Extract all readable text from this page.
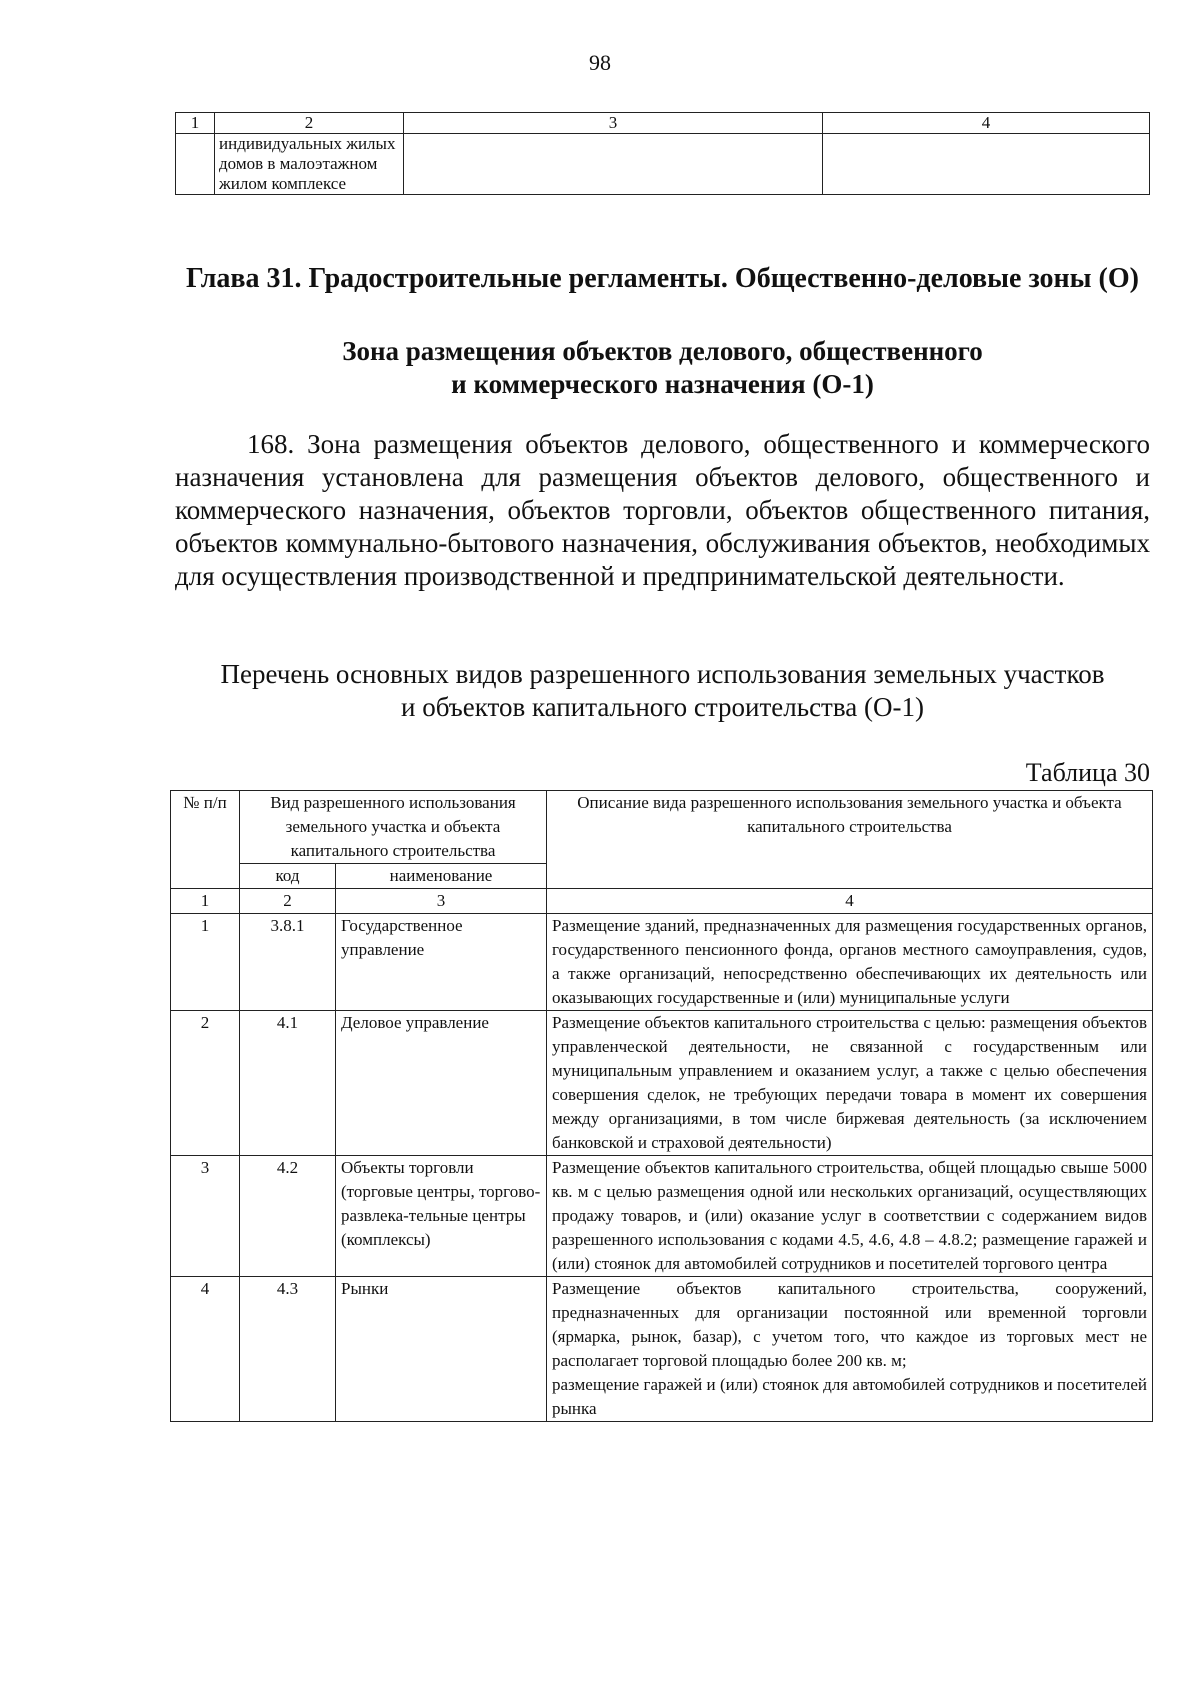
98
1	2	3	4
	индивидуальных жилых домов в малоэтажном жилом комплексе		
Глава 31. Градостроительные регламенты. Общественно-деловые зоны (О)
Зона размещения объектов делового, общественного
и коммерческого назначения (О-1)
168. Зона размещения объектов делового, общественного и коммерческого назначения установлена для размещения объектов делового, общественного и коммерческого назначения, объектов торговли, объектов общественного питания, объектов коммунально-бытового назначения, обслуживания объектов, необходимых для осуществления производственной и предпринимательской деятельности.
Перечень основных видов разрешенного использования земельных участков
и объектов капитального строительства (О-1)
Таблица 30
№ п/п	Вид разрешенного использования земельного участка и объекта капитального строительства		Описание вида разрешенного использования земельного участка и объекта капитального строительства
	код	наименование	
1	2	3	4
1	3.8.1	Государственное управление	Размещение зданий, предназначенных для размещения государственных органов, государственного пенсионного фонда, органов местного самоуправления, судов, а также организаций, непосредственно обеспечивающих их деятельность или оказывающих государственные и (или) муниципальные услуги
2	4.1	Деловое управление	Размещение объектов капитального строительства с целью: размещения объектов управленческой деятельности, не связанной с государственным или муниципальным управлением и оказанием услуг, а также с целью обеспечения совершения сделок, не требующих передачи товара в момент их совершения между организациями, в том числе биржевая деятельность (за исключением банковской и страховой деятельности)
3	4.2	Объекты торговли (торговые центры, торгово-развлека-тельные центры (комплексы)	Размещение объектов капитального строительства, общей площадью свыше 5000 кв. м с целью размещения одной или нескольких организаций, осуществляющих продажу товаров, и (или) оказание услуг в соответствии с содержанием видов разрешенного использования с кодами 4.5, 4.6, 4.8 – 4.8.2; размещение гаражей и (или) стоянок для автомобилей сотрудников и посетителей торгового центра
4	4.3	Рынки	Размещение объектов капитального строительства, сооружений, предназначенных для организации постоянной или временной торговли (ярмарка, рынок, базар), с учетом того, что каждое из торговых мест не располагает торговой площадью более 200 кв. м;
размещение гаражей и (или) стоянок для автомобилей сотрудников и посетителей рынка
